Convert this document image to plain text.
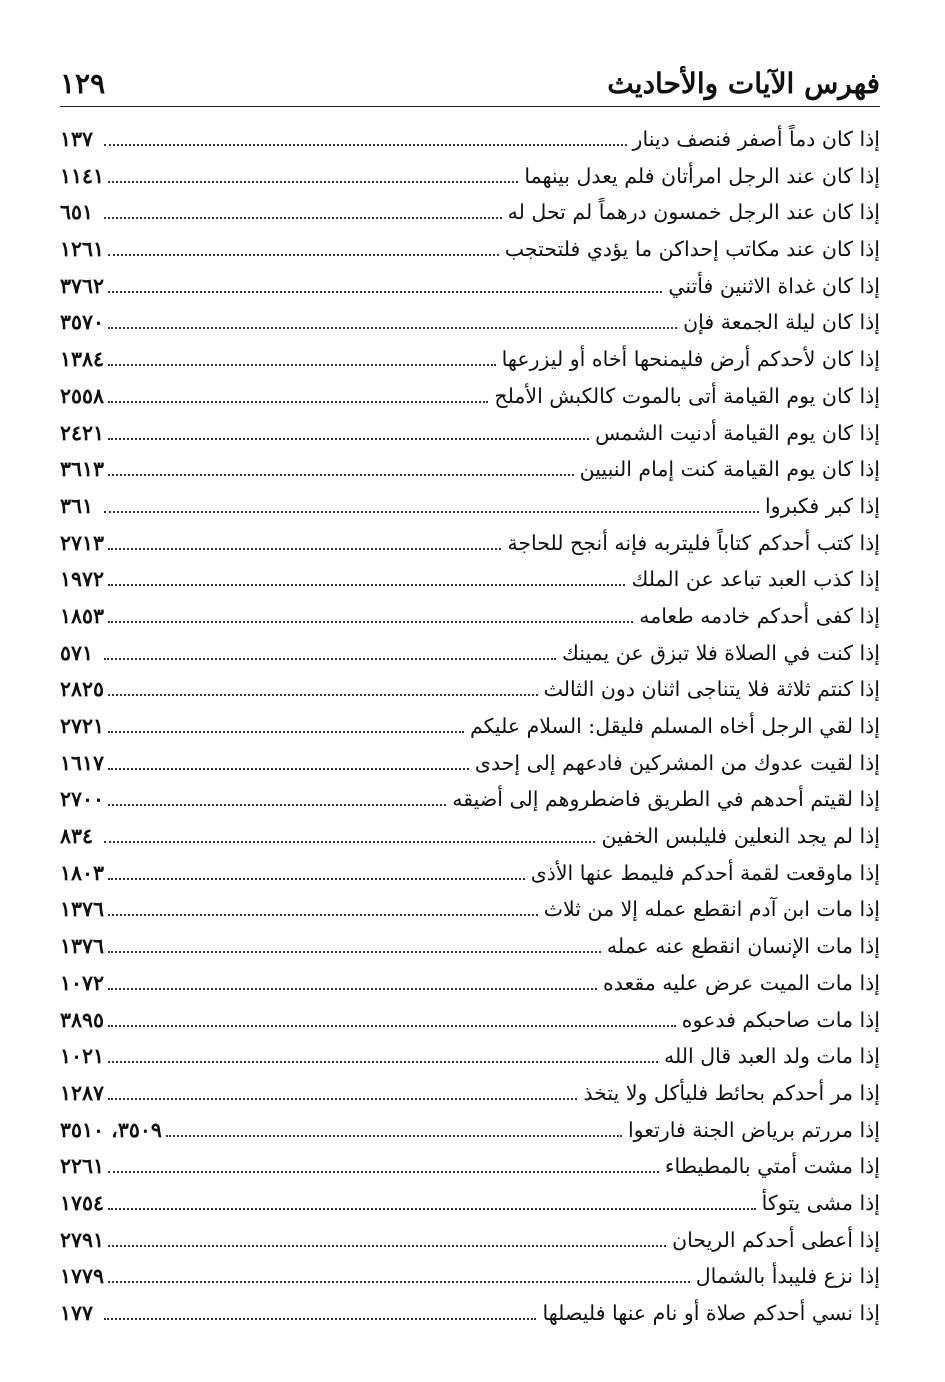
فهرس الآيات والأحاديث
١٢٩
إذا كان دماً أصفر فنصف دينار
١٣٧
إذا كان عند الرجل امرأتان فلم يعدل بينهما
١١٤١
إذا كان عند الرجل خمسون درهماً لم تحل له
٦٥١
إذا كان عند مكاتب إحداكن ما يؤدي فلتحتجب
١٢٦١
إذا كان غداة الاثنين فأتني
٣٧٦٢
إذا كان ليلة الجمعة فإن
٣٥٧٠
إذا كان لأحدكم أرض فليمنحها أخاه أو ليزرعها
١٣٨٤
إذا كان يوم القيامة أتى بالموت كالكبش الأملح
٢٥٥٨
إذا كان يوم القيامة أدنيت الشمس
٢٤٢١
إذا كان يوم القيامة كنت إمام النبيين
٣٦١٣
إذا كبر فكبروا
٣٦١
إذا كتب أحدكم كتاباً فليتربه فإنه أنجح للحاجة
٢٧١٣
إذا كذب العبد تباعد عن الملك
١٩٧٢
إذا كفى أحدكم خادمه طعامه
١٨٥٣
إذا كنت في الصلاة فلا تبزق عن يمينك
٥٧١
إذا كنتم ثلاثة فلا يتناجى اثنان دون الثالث
٢٨٢٥
إذا لقي الرجل أخاه المسلم فليقل: السلام عليكم
٢٧٢١
إذا لقيت عدوك من المشركين فادعهم إلى إحدى
١٦١٧
إذا لقيتم أحدهم في الطريق فاضطروهم إلى أضيقه
٢٧٠٠
إذا لم يجد النعلين فليلبس الخفين
٨٣٤
إذا ماوقعت لقمة أحدكم فليمط عنها الأذى
١٨٠٣
إذا مات ابن آدم انقطع عمله إلا من ثلاث
١٣٧٦
إذا مات الإنسان انقطع عنه عمله
١٣٧٦
إذا مات الميت عرض عليه مقعده
١٠٧٢
إذا مات صاحبكم فدعوه
٣٨٩٥
إذا مات ولد العبد قال الله
١٠٢١
إذا مر أحدكم بحائط فليأكل ولا يتخذ
١٢٨٧
إذا مررتم برياض الجنة فارتعوا
٣٥٠٩، ٣٥١٠
إذا مشت أمتي بالمطيطاء
٢٢٦١
إذا مشى يتوكأ
١٧٥٤
إذا أعطى أحدكم الريحان
٢٧٩١
إذا نزع فليبدأ بالشمال
١٧٧٩
إذا نسي أحدكم صلاة أو نام عنها فليصلها
١٧٧
